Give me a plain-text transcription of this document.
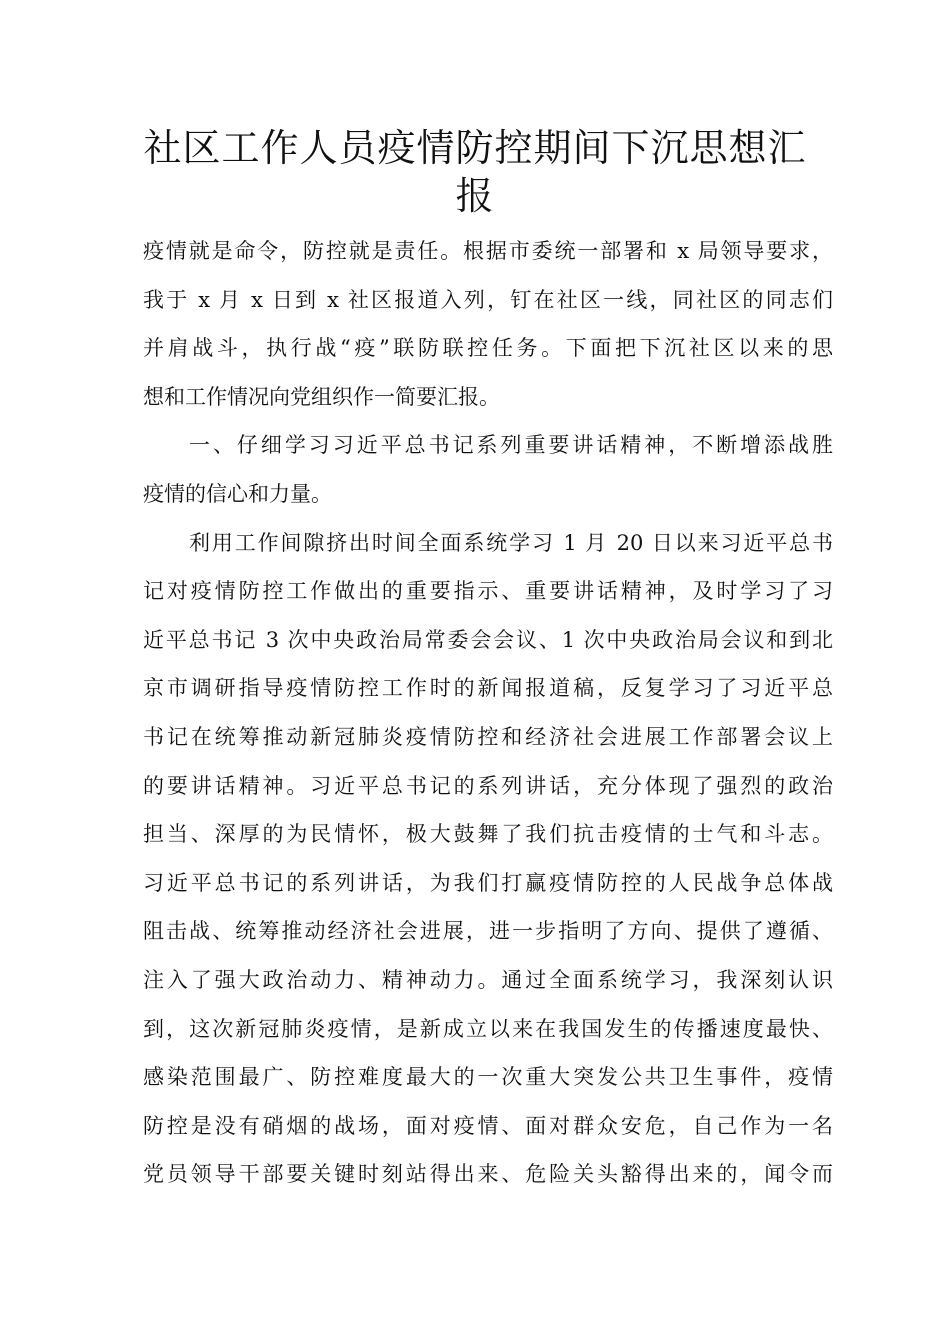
社区工作人员疫情防控期间下沉思想汇
报
疫情就是命令，防控就是责任。根据市委统一部署和 x 局领导要求，
我于 x 月 x 日到 x 社区报道入列，钉在社区一线，同社区的同志们
并肩战斗，执行战“疫”联防联控任务。下面把下沉社区以来的思
想和工作情况向党组织作一简要汇报。
一、仔细学习习近平总书记系列重要讲话精神，不断增添战胜
疫情的信心和力量。
利用工作间隙挤出时间全面系统学习 1 月 20 日以来习近平总书
记对疫情防控工作做出的重要指示、重要讲话精神，及时学习了习
近平总书记 3 次中央政治局常委会会议、1 次中央政治局会议和到北
京市调研指导疫情防控工作时的新闻报道稿，反复学习了习近平总
书记在统筹推动新冠肺炎疫情防控和经济社会进展工作部署会议上
的要讲话精神。习近平总书记的系列讲话，充分体现了强烈的政治
担当、深厚的为民情怀，极大鼓舞了我们抗击疫情的士气和斗志。
习近平总书记的系列讲话，为我们打赢疫情防控的人民战争总体战
阻击战、统筹推动经济社会进展，进一步指明了方向、提供了遵循、
注入了强大政治动力、精神动力。通过全面系统学习，我深刻认识
到，这次新冠肺炎疫情，是新成立以来在我国发生的传播速度最快、
感染范围最广、防控难度最大的一次重大突发公共卫生事件，疫情
防控是没有硝烟的战场，面对疫情、面对群众安危，自己作为一名
党员领导干部要关键时刻站得出来、危险关头豁得出来的，闻令而
